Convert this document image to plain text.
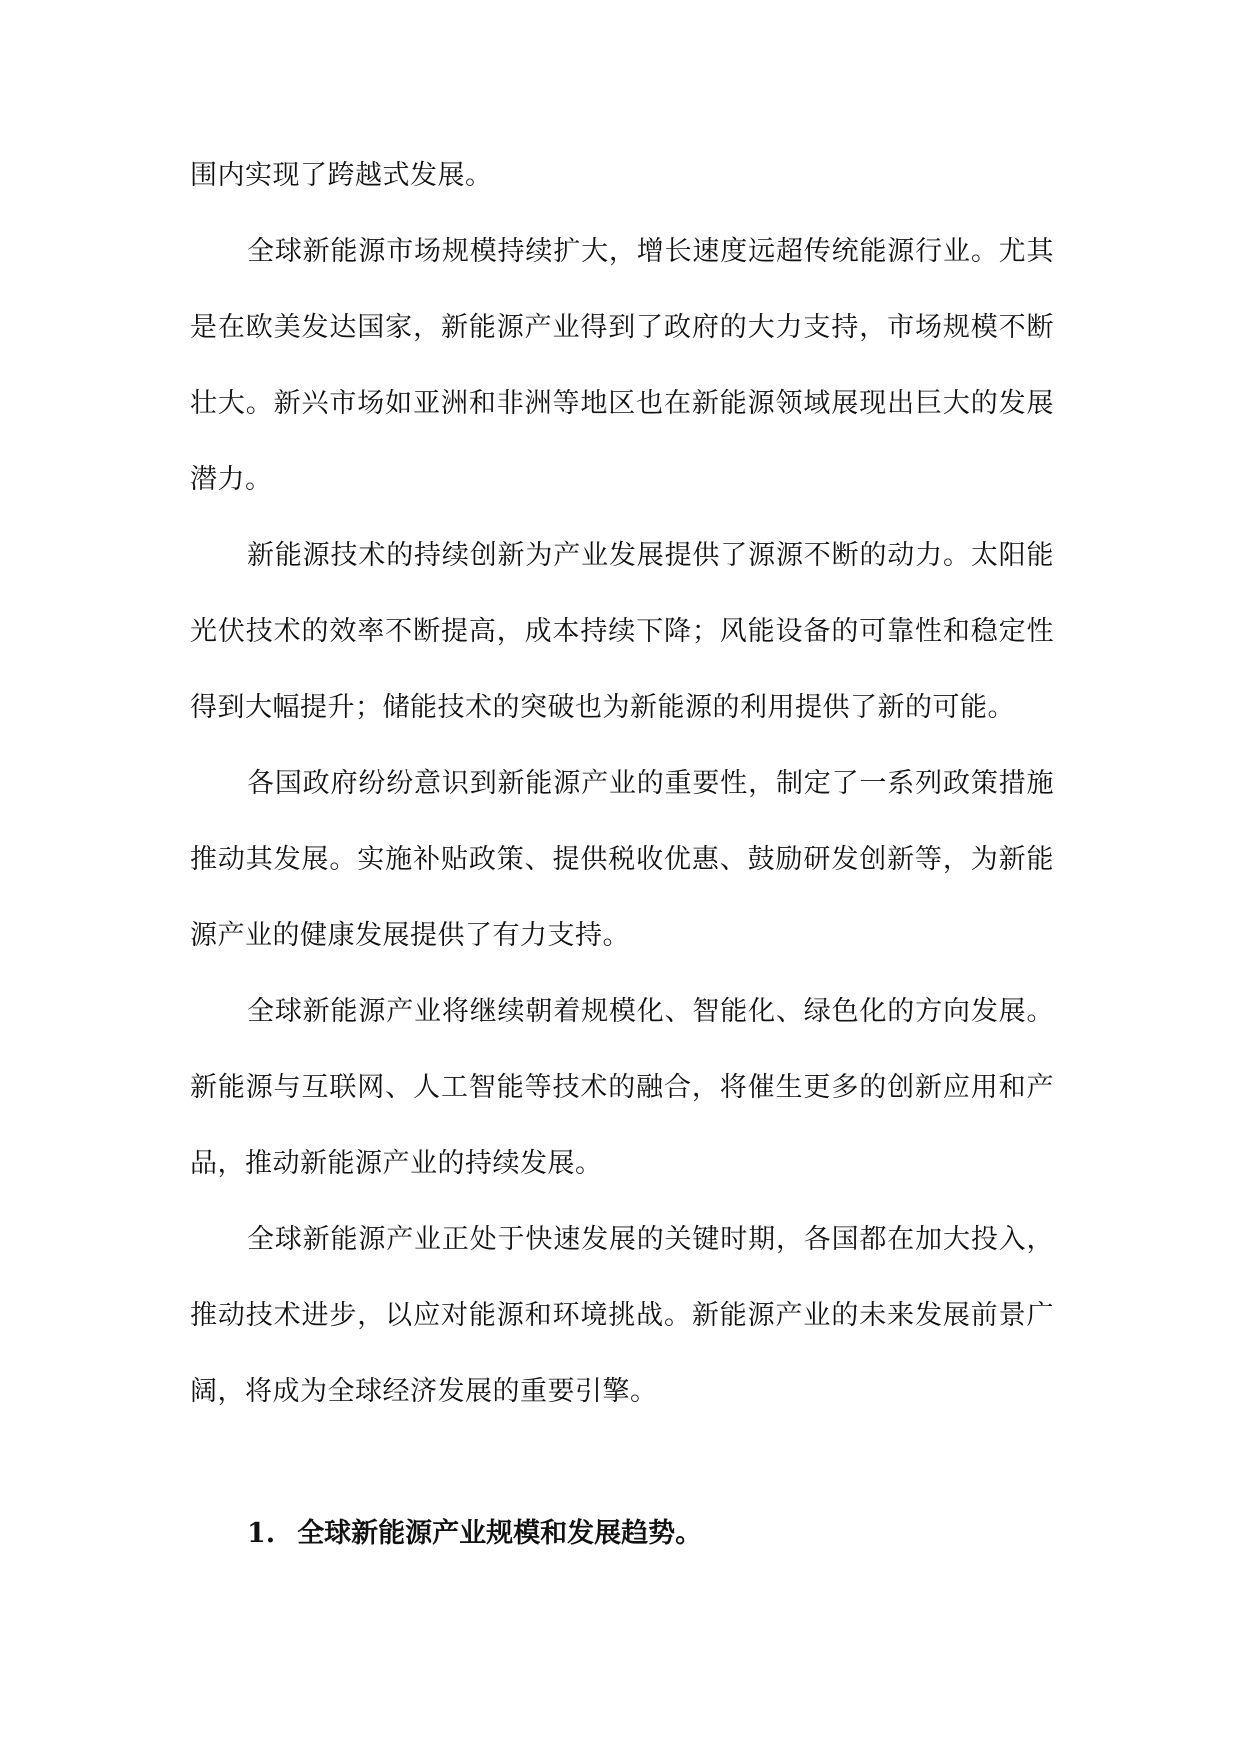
围内实现了跨越式发展。

全球新能源市场规模持续扩大，增长速度远超传统能源行业。尤其是在欧美发达国家，新能源产业得到了政府的大力支持，市场规模不断壮大。新兴市场如亚洲和非洲等地区也在新能源领域展现出巨大的发展潜力。

新能源技术的持续创新为产业发展提供了源源不断的动力。太阳能光伏技术的效率不断提高，成本持续下降；风能设备的可靠性和稳定性得到大幅提升；储能技术的突破也为新能源的利用提供了新的可能。

各国政府纷纷意识到新能源产业的重要性，制定了一系列政策措施推动其发展。实施补贴政策、提供税收优惠、鼓励研发创新等，为新能源产业的健康发展提供了有力支持。

全球新能源产业将继续朝着规模化、智能化、绿色化的方向发展。新能源与互联网、人工智能等技术的融合，将催生更多的创新应用和产品，推动新能源产业的持续发展。

全球新能源产业正处于快速发展的关键时期，各国都在加大投入，推动技术进步，以应对能源和环境挑战。新能源产业的未来发展前景广阔，将成为全球经济发展的重要引擎。

1. 全球新能源产业规模和发展趋势。
